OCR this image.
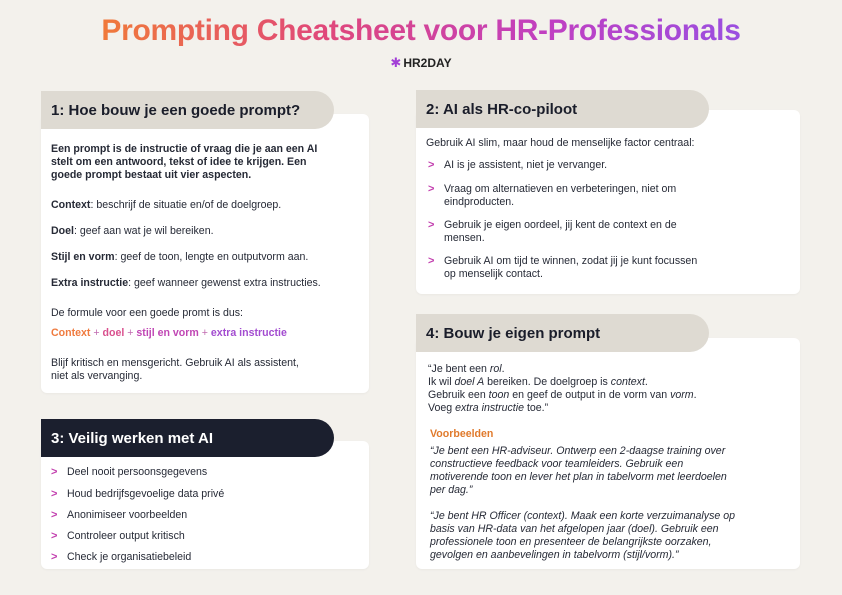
Prompting Cheatsheet voor HR-Professionals
✱ HR2DAY
1: Hoe bouw je een goede prompt?
Een prompt is de instructie of vraag die je aan een AI
stelt om een antwoord, tekst of idee te krijgen. Een
goede prompt bestaat uit vier aspecten.
Context: beschrijf de situatie en/of de doelgroep.
Doel: geef aan wat je wil bereiken.
Stijl en vorm: geef de toon, lengte en outputvorm aan.
Extra instructie: geef wanneer gewenst extra instructies.
De formule voor een goede promt is dus:
Context + doel + stijl en vorm + extra instructie
Blijf kritisch en mensgericht. Gebruik AI als assistent,
niet als vervanging.
2: AI als HR-co-piloot
Gebruik AI slim, maar houd de menselijke factor centraal:
> AI is je assistent, niet je vervanger.
> Vraag om alternatieven en verbeteringen, niet om
eindproducten.
> Gebruik je eigen oordeel, jij kent de context en de
mensen.
> Gebruik AI om tijd te winnen, zodat jij je kunt focussen
op menselijk contact.
3: Veilig werken met AI
> Deel nooit persoonsgegevens
> Houd bedrijfsgevoelige data privé
> Anonimiseer voorbeelden
> Controleer output kritisch
> Check je organisatiebeleid
4: Bouw je eigen prompt
“Je bent een rol.
Ik wil doel A bereiken. De doelgroep is context.
Gebruik een toon en geef de output in de vorm van vorm.
Voeg extra instructie toe.”
Voorbeelden
“Je bent een HR-adviseur. Ontwerp een 2-daagse training over
constructieve feedback voor teamleiders. Gebruik een
motiverende toon en lever het plan in tabelvorm met leerdoelen
per dag.”
“Je bent HR Officer (context). Maak een korte verzuimanalyse op
basis van HR-data van het afgelopen jaar (doel). Gebruik een
professionele toon en presenteer de belangrijkste oorzaken,
gevolgen en aanbevelingen in tabelvorm (stijl/vorm).”
